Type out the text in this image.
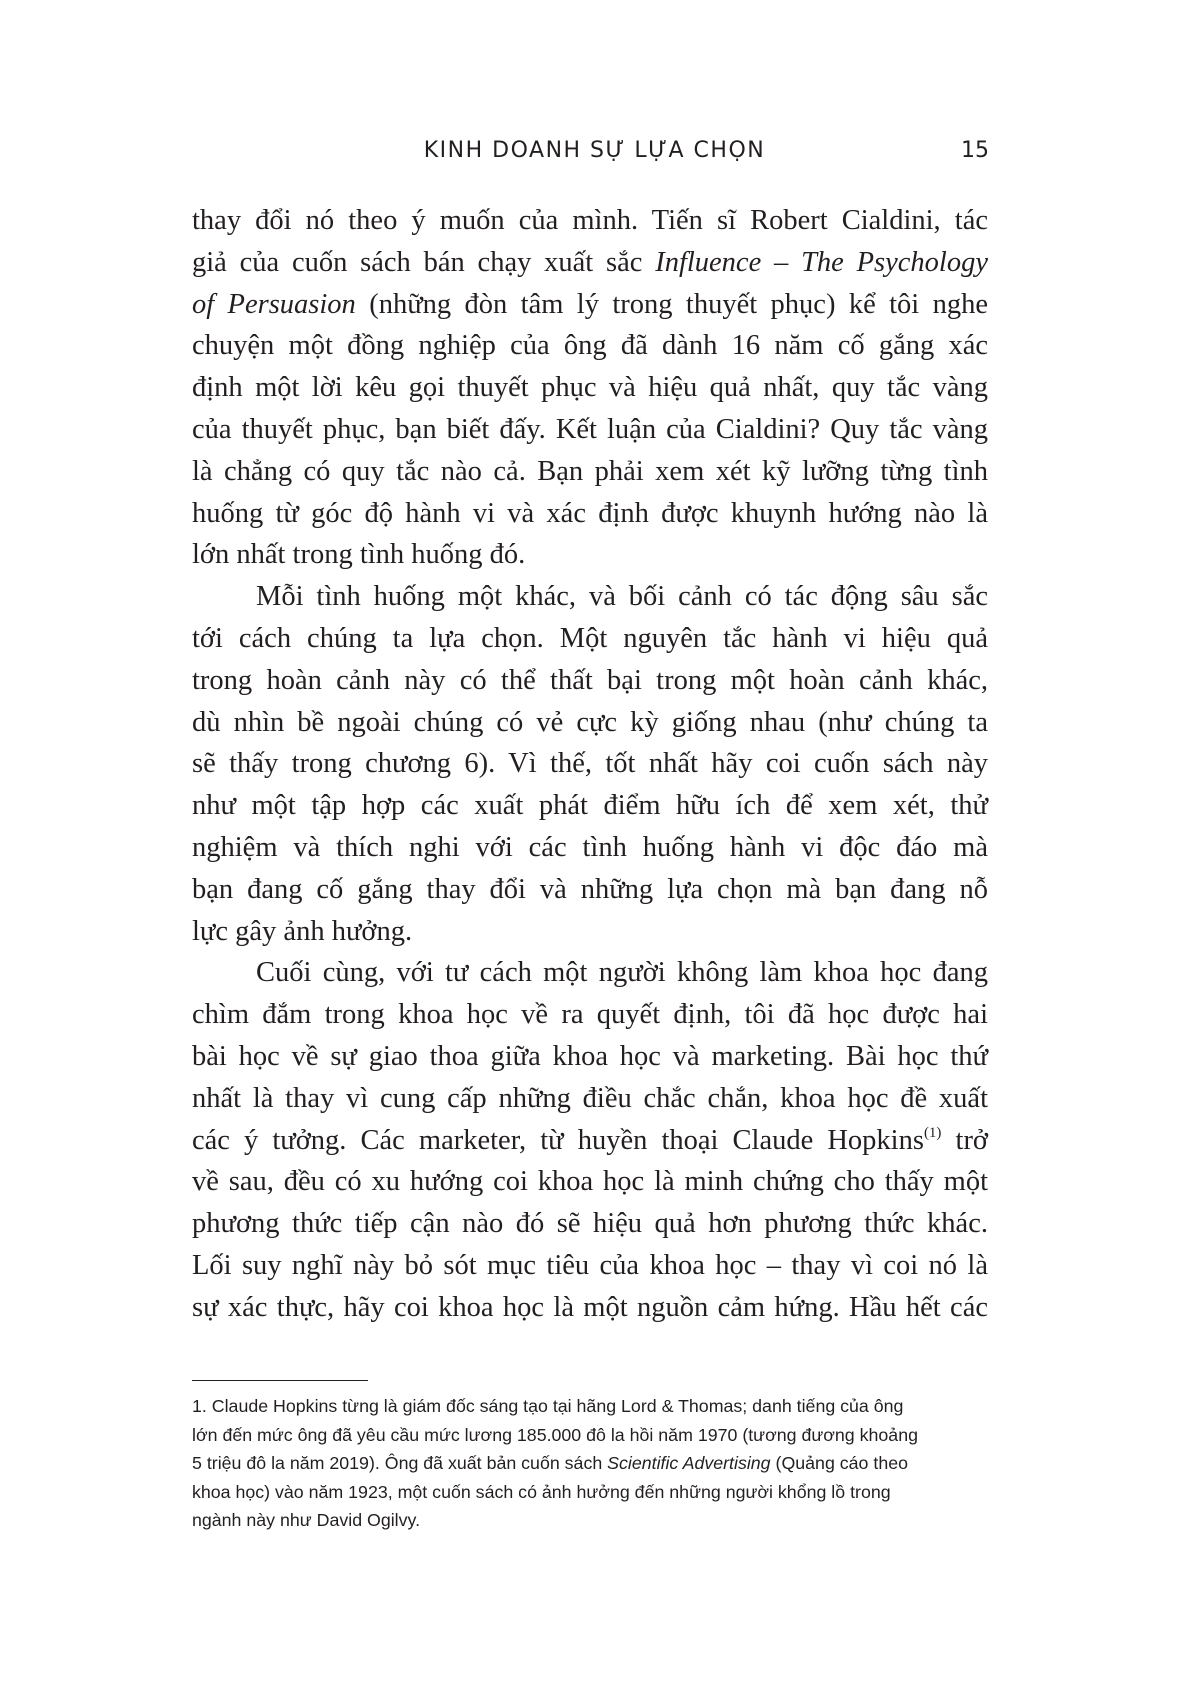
KINH DOANH SỰ LỰA CHỌN	15
thay đổi nó theo ý muốn của mình. Tiến sĩ Robert Cialdini, tác
giả của cuốn sách bán chạy xuất sắc Influence – The Psychology
of Persuasion (những đòn tâm lý trong thuyết phục) kể tôi nghe
chuyện một đồng nghiệp của ông đã dành 16 năm cố gắng xác
định một lời kêu gọi thuyết phục và hiệu quả nhất, quy tắc vàng
của thuyết phục, bạn biết đấy. Kết luận của Cialdini? Quy tắc vàng
là chẳng có quy tắc nào cả. Bạn phải xem xét kỹ lưỡng từng tình
huống từ góc độ hành vi và xác định được khuynh hướng nào là
lớn nhất trong tình huống đó.
Mỗi tình huống một khác, và bối cảnh có tác động sâu sắc
tới cách chúng ta lựa chọn. Một nguyên tắc hành vi hiệu quả
trong hoàn cảnh này có thể thất bại trong một hoàn cảnh khác,
dù nhìn bề ngoài chúng có vẻ cực kỳ giống nhau (như chúng ta
sẽ thấy trong chương 6). Vì thế, tốt nhất hãy coi cuốn sách này
như một tập hợp các xuất phát điểm hữu ích để xem xét, thử
nghiệm và thích nghi với các tình huống hành vi độc đáo mà
bạn đang cố gắng thay đổi và những lựa chọn mà bạn đang nỗ
lực gây ảnh hưởng.
Cuối cùng, với tư cách một người không làm khoa học đang
chìm đắm trong khoa học về ra quyết định, tôi đã học được hai
bài học về sự giao thoa giữa khoa học và marketing. Bài học thứ
nhất là thay vì cung cấp những điều chắc chắn, khoa học đề xuất
các ý tưởng. Các marketer, từ huyền thoại Claude Hopkins$^{(1)}$ trở
về sau, đều có xu hướng coi khoa học là minh chứng cho thấy một
phương thức tiếp cận nào đó sẽ hiệu quả hơn phương thức khác.
Lối suy nghĩ này bỏ sót mục tiêu của khoa học – thay vì coi nó là
sự xác thực, hãy coi khoa học là một nguồn cảm hứng. Hầu hết các
1. Claude Hopkins từng là giám đốc sáng tạo tại hãng Lord & Thomas; danh tiếng của ông
lớn đến mức ông đã yêu cầu mức lương 185.000 đô la hồi năm 1970 (tương đương khoảng
5 triệu đô la năm 2019). Ông đã xuất bản cuốn sách Scientific Advertising (Quảng cáo theo
khoa học) vào năm 1923, một cuốn sách có ảnh hưởng đến những người khổng lồ trong
ngành này như David Ogilvy.
